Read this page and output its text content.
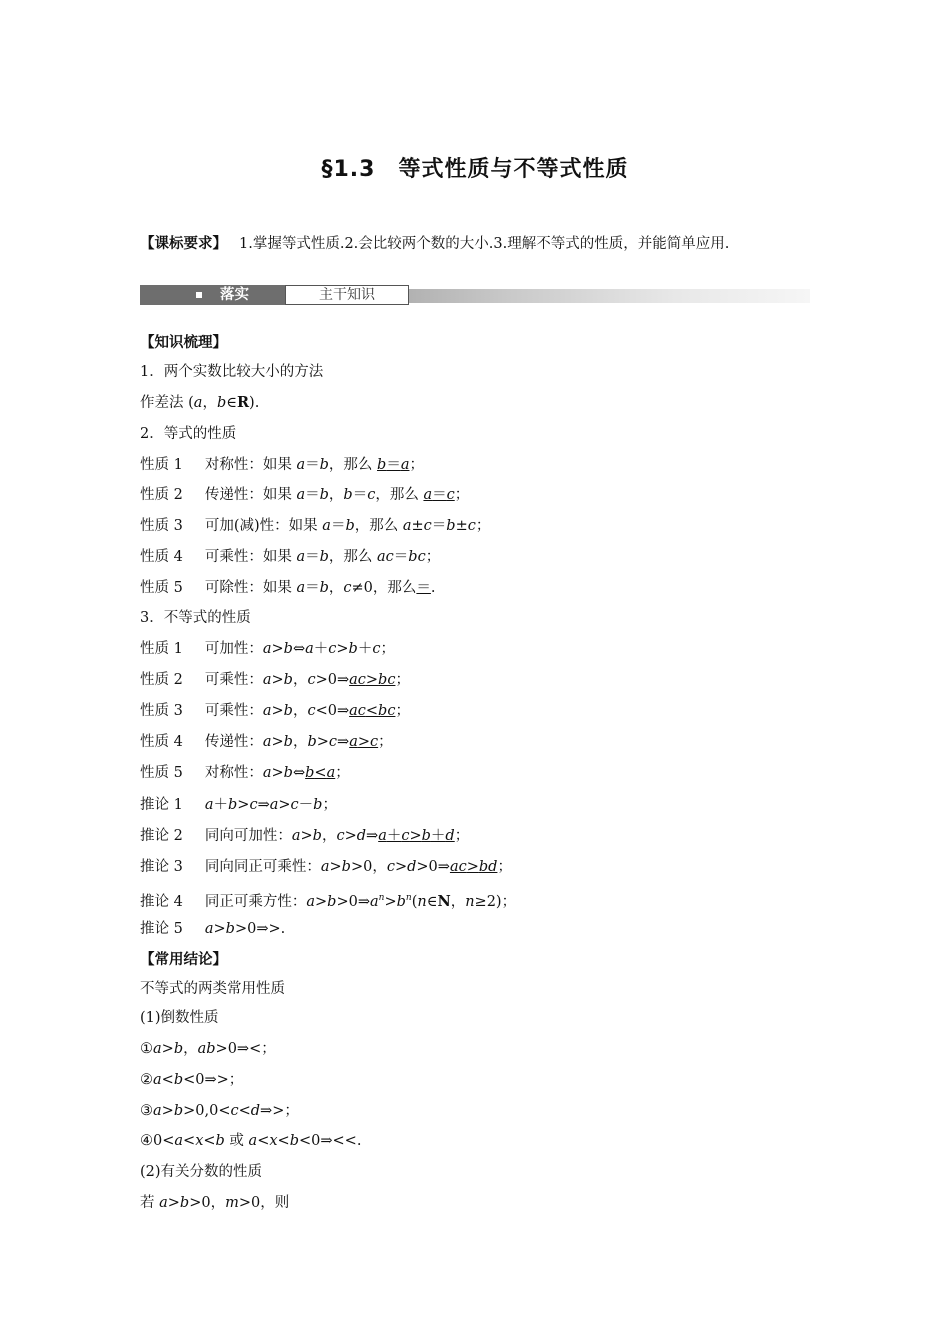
§1.3　等式性质与不等式性质
【课标要求】 1.掌握等式性质.2.会比较两个数的大小.3.理解不等式的性质，并能简单应用.
落实	主干知识
【知识梳理】
1．两个实数比较大小的方法
作差法 (a，b∈R).
2．等式的性质
性质 1 对称性：如果 a＝b，那么 b＝a；
性质 2 传递性：如果 a＝b，b＝c，那么 a＝c；
性质 3 可加(减)性：如果 a＝b，那么 a±c＝b±c；
性质 4 可乘性：如果 a＝b，那么 ac＝bc；
性质 5 可除性：如果 a＝b，c≠0，那么＝.
3．不等式的性质
性质 1 可加性：a>b⇔a＋c>b＋c；
性质 2 可乘性：a>b，c>0⇒ac>bc；
性质 3 可乘性：a>b，c<0⇒ac<bc；
性质 4 传递性：a>b，b>c⇒a>c；
性质 5 对称性：a>b⇔b<a；
推论 1 a＋b>c⇒a>c－b；
推论 2 同向可加性：a>b，c>d⇒a＋c>b＋d；
推论 3 同向同正可乘性：a>b>0，c>d>0⇒ac>bd；
推论 4 同正可乘方性：$a>b>0\Rightarrow a^n>b^n(n\in N$，n≥2)；
推论 5 a>b>0⇒>.
【常用结论】
不等式的两类常用性质
(1)倒数性质
①a>b，ab>0⇒<；
②a<b<0⇒>；
③a>b>0,0<c<d⇒>；
④0<a<x<b 或 a<x<b<0⇒<<.
(2)有关分数的性质
若 a>b>0，m>0，则
